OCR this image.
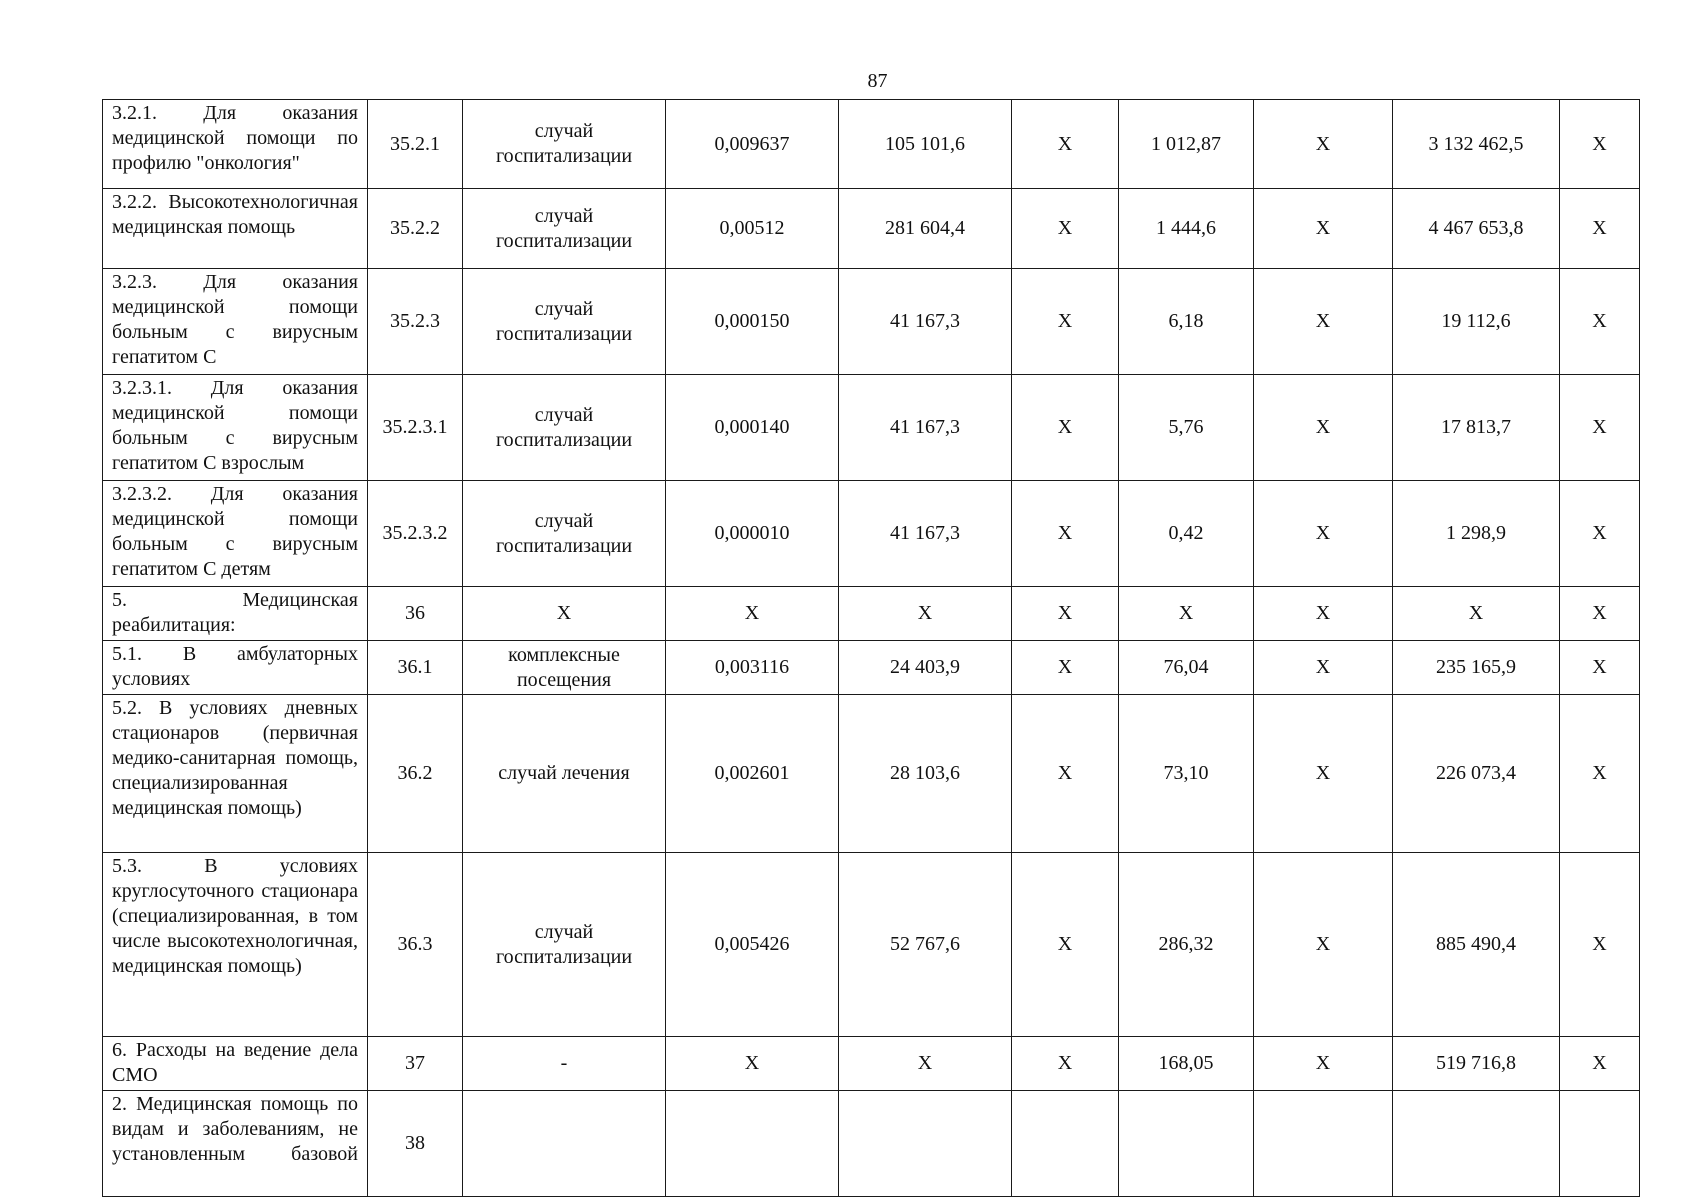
87
3.2.1. Для оказания медицинской помощи по профилю "онкология"	35.2.1	случай госпитализации	0,009637	105 101,6	X	1 012,87	X	3 132 462,5	X
3.2.2. Высокотехнологичная медицинская помощь	35.2.2	случай госпитализации	0,00512	281 604,4	X	1 444,6	X	4 467 653,8	X
3.2.3. Для оказания медицинской помощи больным с вирусным гепатитом С	35.2.3	случай госпитализации	0,000150	41 167,3	X	6,18	X	19 112,6	X
3.2.3.1. Для оказания медицинской помощи больным с вирусным гепатитом С взрослым	35.2.3.1	случай госпитализации	0,000140	41 167,3	X	5,76	X	17 813,7	X
3.2.3.2. Для оказания медицинской помощи больным с вирусным гепатитом С детям	35.2.3.2	случай госпитализации	0,000010	41 167,3	X	0,42	X	1 298,9	X
5. Медицинская реабилитация:	36	X	X	X	X	X	X	X	X
5.1. В амбулаторных условиях	36.1	комплексные посещения	0,003116	24 403,9	X	76,04	X	235 165,9	X
5.2. В условиях дневных стационаров (первичная медико-санитарная помощь, специализированная медицинская помощь)	36.2	случай лечения	0,002601	28 103,6	X	73,10	X	226 073,4	X
5.3. В условиях круглосуточного стационара (специализированная, в том числе высокотехнологичная, медицинская помощь)	36.3	случай госпитализации	0,005426	52 767,6	X	286,32	X	885 490,4	X
6. Расходы на ведение дела СМО	37	-	X	X	X	168,05	X	519 716,8	X
2. Медицинская помощь по видам и заболеваниям, не установленным базовой	38								
